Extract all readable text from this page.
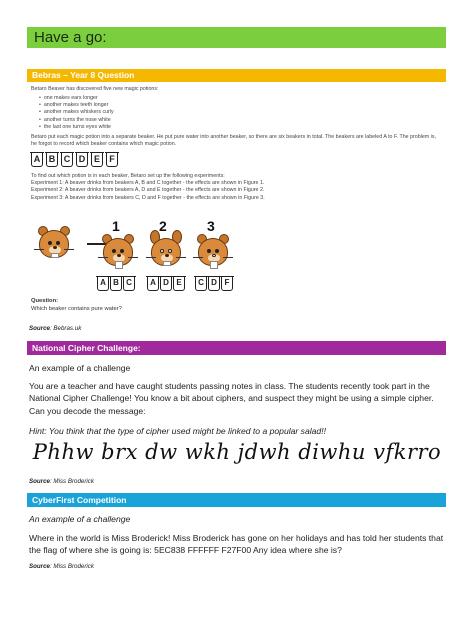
Have a go:
Bebras – Year 8 Question

Betaro Beaver has discovered five new magic potions:

• one makes ears longer
• another makes teeth longer
• another makes whiskers curly
• another turns the nose white
• the last one turns eyes white

Betaro put each magic potion into a separate beaker. He put pure water into another beaker, so there are six beakers in total. The beakers are labeled A to F. The problem is, he forgot to record which beaker contains which magic potion.

A B C D E	F

To find out which potion is in each beaker, Betaro set up the following experiments:

Experiment 1: A beaver drinks from beakers A, B and C together - the effects are shown in Figure 1.

Experiment 2: A beaver drinks from beakers A, D and E together - the effects are shown in Figure 2.

Experiment 3: A beaver drinks from beakers C, D and F together - the effects are shown in Figure 3.

1
A B C
2
A D E
3
C D F
Question:
Which beaker contains pure water?
Source: Bebras.uk
National Cipher Challenge:
An example of a challenge
You are a teacher and have caught students passing notes in class. The students recently took part in the National Cipher Challenge! You know a bit about ciphers, and suspect they might be using a simple cipher. Can you decode the message:
Hint: You think that the type of cipher used might be linked to a popular salad!!
Phhw brx dw wkh jdwh diwhu vfkrro
Source: Miss Broderick
CyberFirst Competition
An example of a challenge
Where in the world is Miss Broderick! Miss Broderick has gone on her holidays and has told her students that the flag of where she is going is: 5EC838 FFFFFF F27F00 Any idea where she is?
Source: Miss Broderick
